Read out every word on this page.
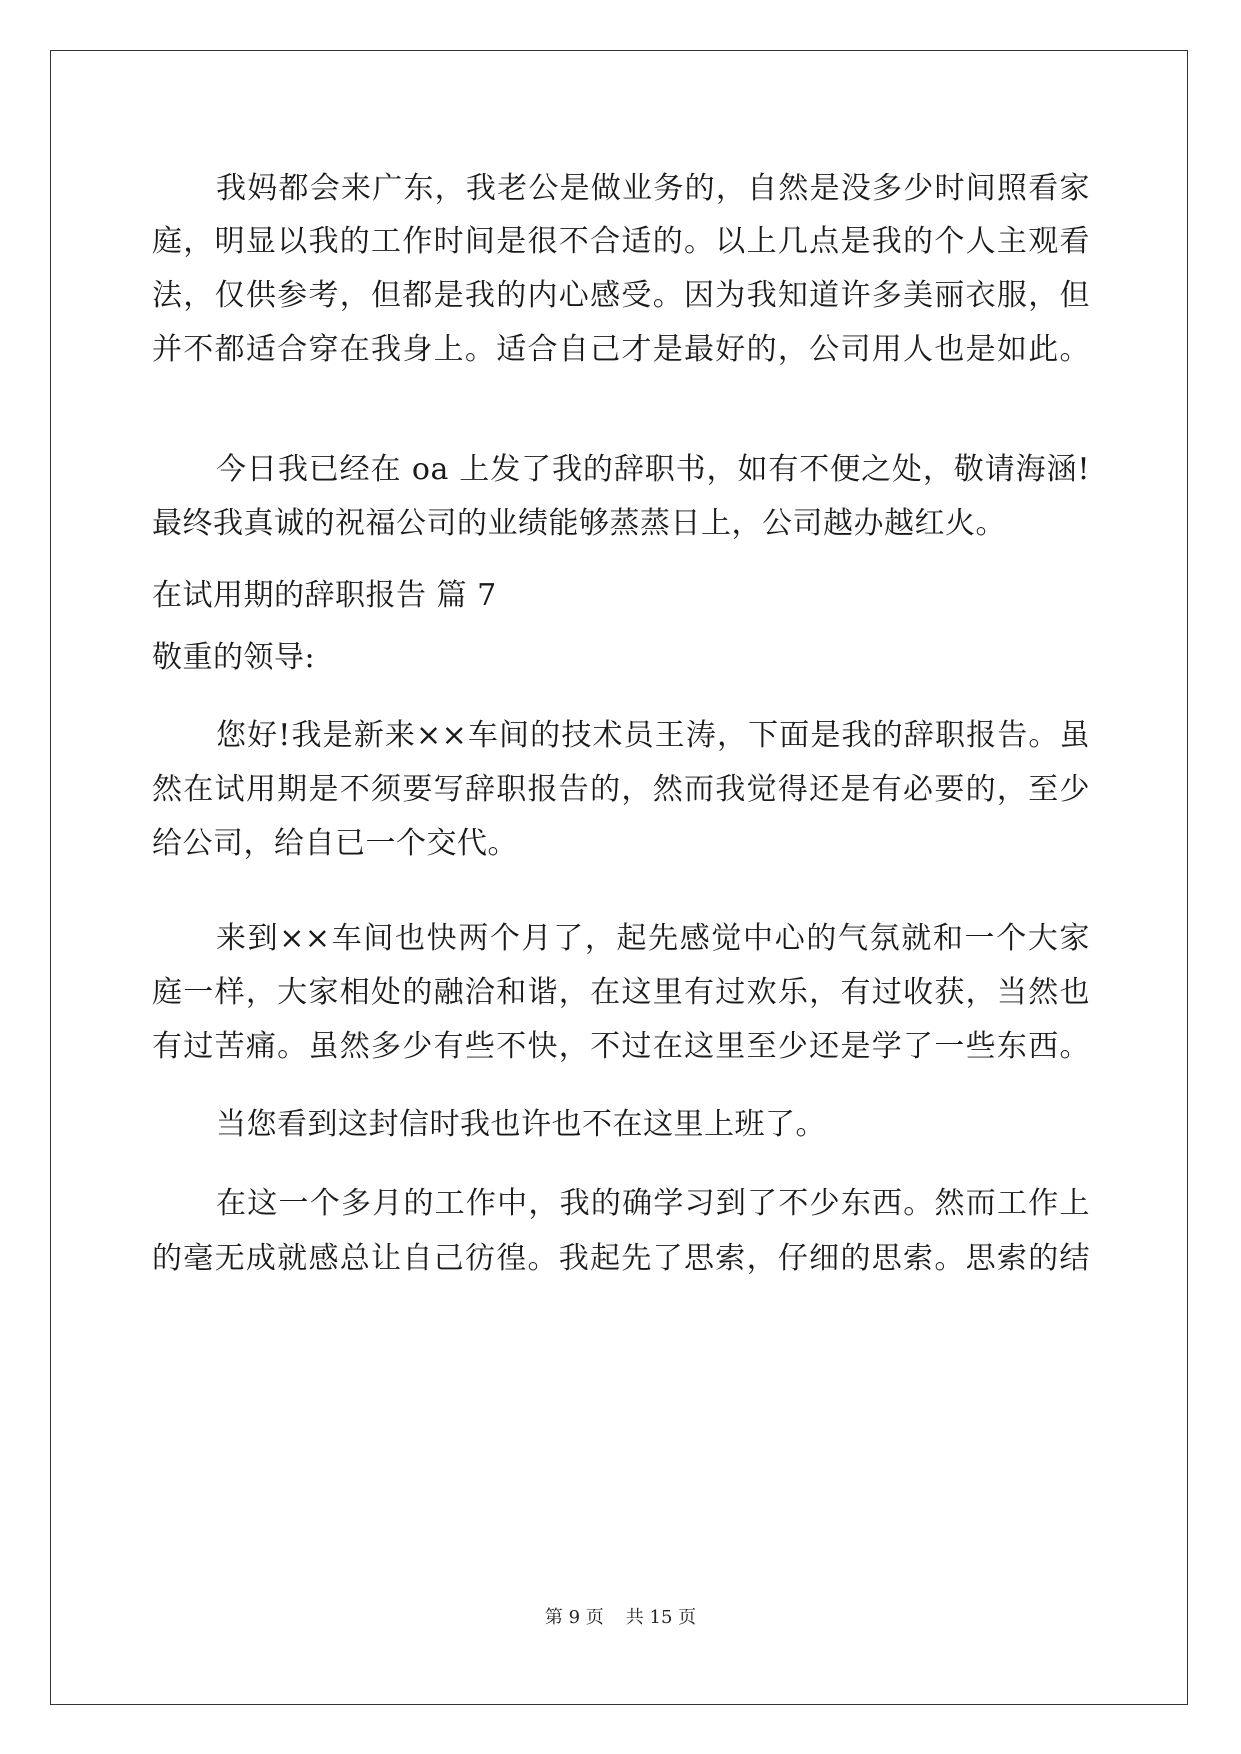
我妈都会来广东，我老公是做业务的，自然是没多少时间照看家
庭，明显以我的工作时间是很不合适的。以上几点是我的个人主观看
法，仅供参考，但都是我的内心感受。因为我知道许多美丽衣服，但
并不都适合穿在我身上。适合自己才是最好的，公司用人也是如此。
今日我已经在 oa 上发了我的辞职书，如有不便之处，敬请海涵!
最终我真诚的祝福公司的业绩能够蒸蒸日上，公司越办越红火。
在试用期的辞职报告 篇 7
敬重的领导:
您好!我是新来××车间的技术员王涛，下面是我的辞职报告。虽
然在试用期是不须要写辞职报告的，然而我觉得还是有必要的，至少
给公司，给自已一个交代。
来到××车间也快两个月了，起先感觉中心的气氛就和一个大家
庭一样，大家相处的融洽和谐，在这里有过欢乐，有过收获，当然也
有过苦痛。虽然多少有些不快，不过在这里至少还是学了一些东西。
当您看到这封信时我也许也不在这里上班了。
在这一个多月的工作中，我的确学习到了不少东西。然而工作上
的毫无成就感总让自己彷徨。我起先了思索，仔细的思索。思索的结
第 9 页 共 15 页
